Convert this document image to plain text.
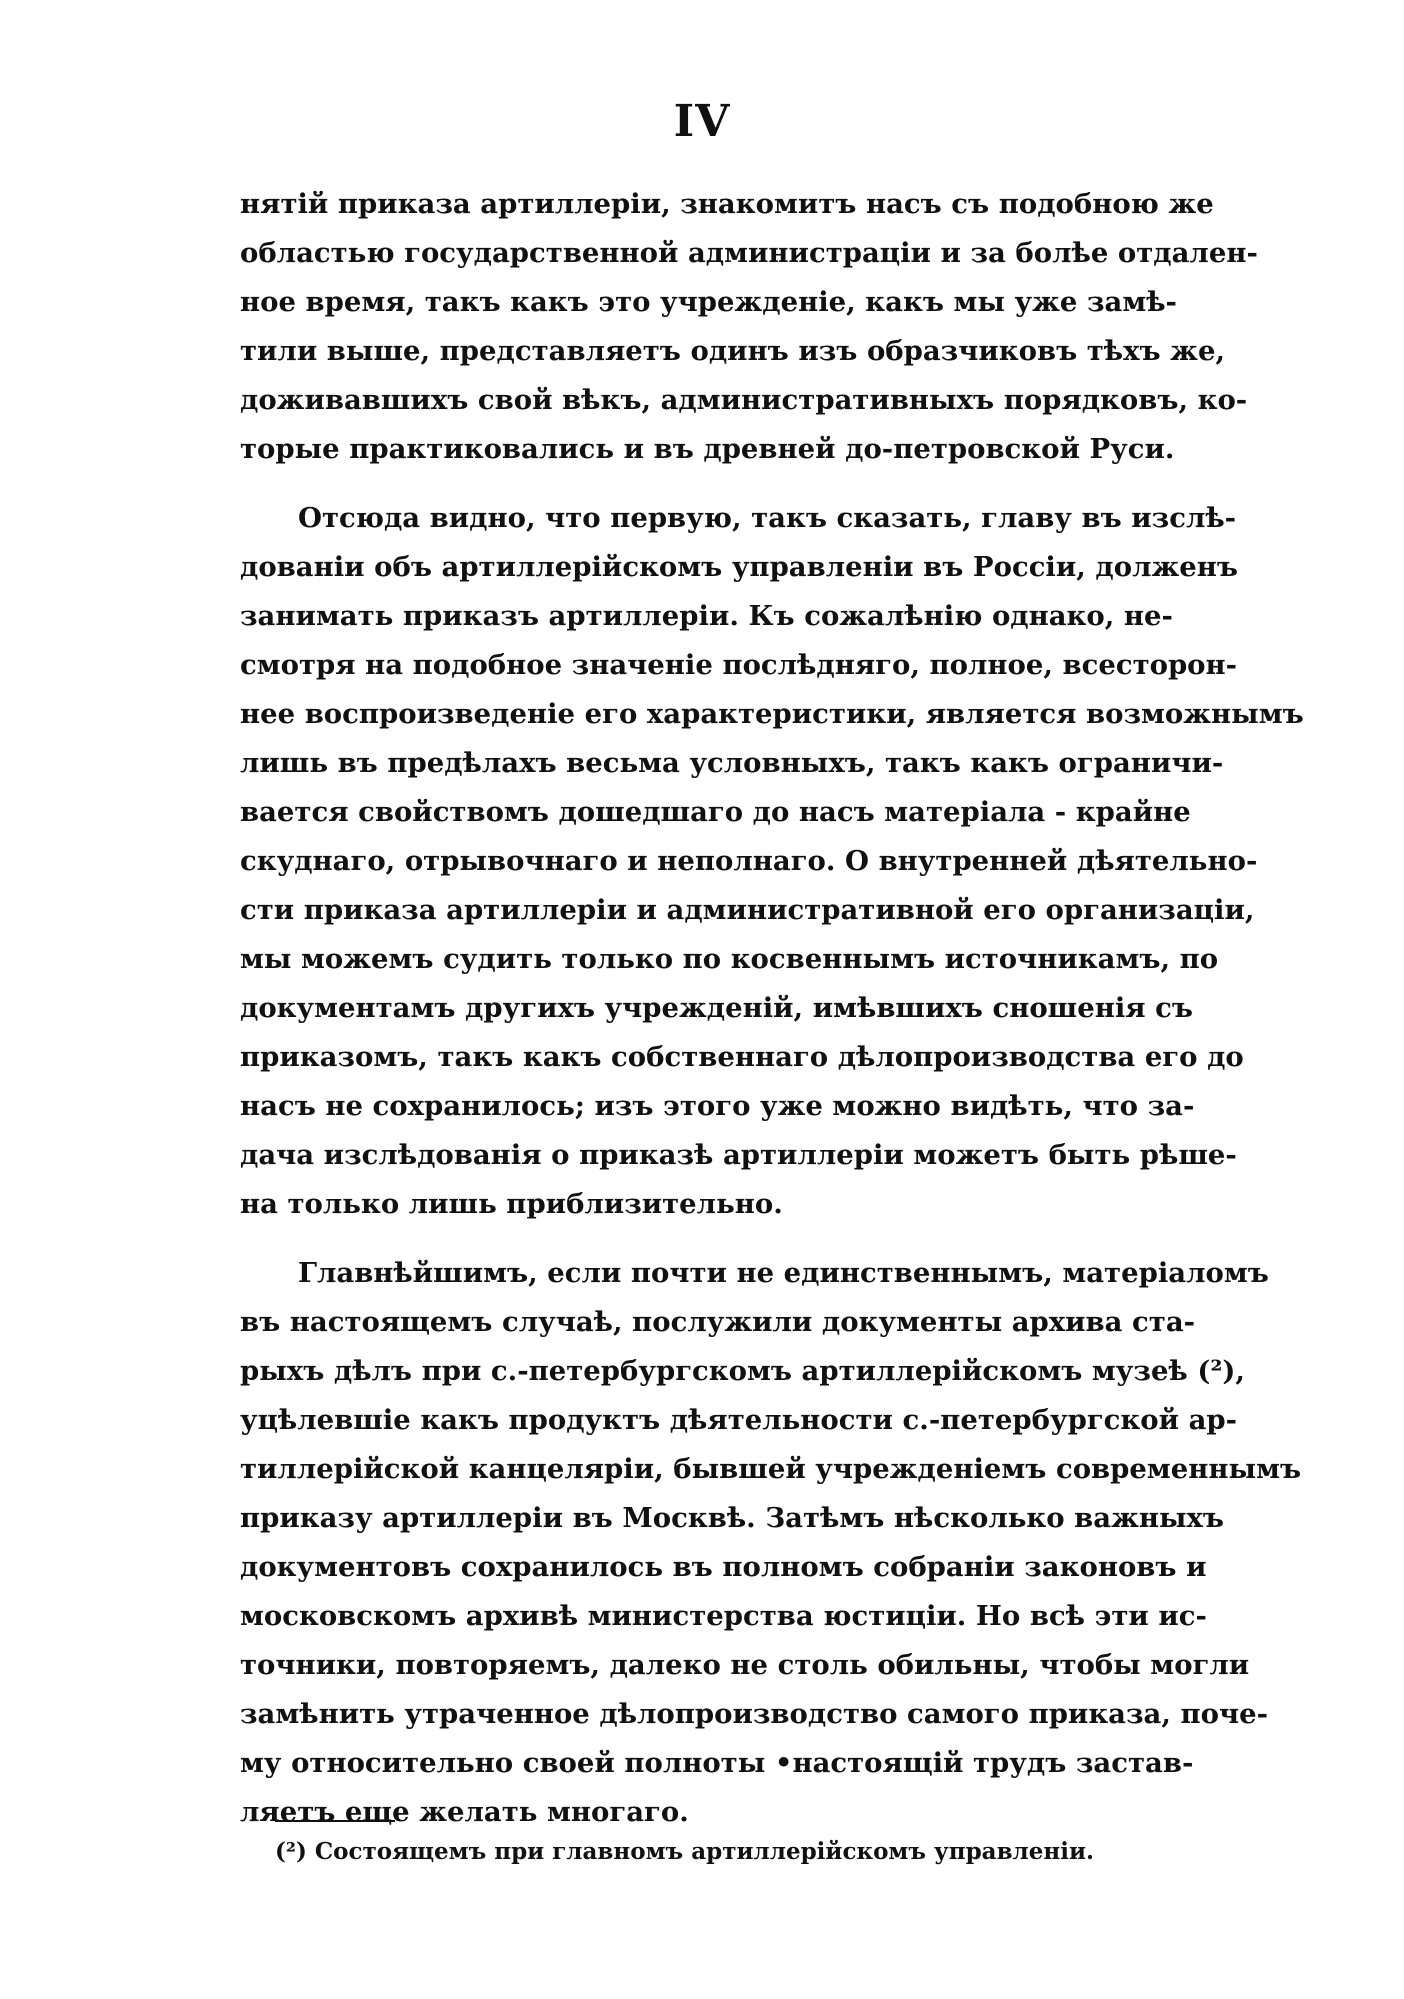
IV
нятій приказа артиллеріи, знакомитъ насъ съ подобною же
областью государственной администраціи и за болѣе отдален-
ное время, такъ какъ это учрежденіе, какъ мы уже замѣ-
тили выше, представляетъ одинъ изъ образчиковъ тѣхъ же,
доживавшихъ свой вѣкъ, административныхъ порядковъ, ко-
торые практиковались и въ древней до-петровской Руси.
Отсюда видно, что первую, такъ сказать, главу въ изслѣ-
дованіи объ артиллерійскомъ управленіи въ Россіи, долженъ
занимать приказъ артиллеріи. Къ сожалѣнію однако, не-
смотря на подобное значеніе послѣдняго, полное, всесторон-
нее воспроизведеніе его характеристики, является возможнымъ
лишь въ предѣлахъ весьма условныхъ, такъ какъ ограничи-
вается свойствомъ дошедшаго до насъ матеріала - крайне
скуднаго, отрывочнаго и неполнаго. О внутренней дѣятельно-
сти приказа артиллеріи и административной его организаціи,
мы можемъ судить только по косвеннымъ источникамъ, по
документамъ другихъ учрежденій, имѣвшихъ сношенія съ
приказомъ, такъ какъ собственнаго дѣлопроизводства его до
насъ не сохранилось; изъ этого уже можно видѣть, что за-
дача изслѣдованія о приказѣ артиллеріи можетъ быть рѣше-
на только лишь приблизительно.
Главнѣйшимъ, если почти не единственнымъ, матеріаломъ
въ настоящемъ случаѣ, послужили документы архива ста-
рыхъ дѣлъ при с.-петербургскомъ артиллерійскомъ музеѣ (²),
уцѣлевшіе какъ продуктъ дѣятельности с.-петербургской ар-
тиллерійской канцеляріи, бывшей учрежденіемъ современнымъ
приказу артиллеріи въ Москвѣ. Затѣмъ нѣсколько важныхъ
документовъ сохранилось въ полномъ собраніи законовъ и
московскомъ архивѣ министерства юстиціи. Но всѣ эти ис-
точники, повторяемъ, далеко не столь обильны, чтобы могли
замѣнить утраченное дѣлопроизводство самого приказа, поче-
му относительно своей полноты •настоящій трудъ застав-
ляетъ еще желать многаго.
(²) Состоящемъ при главномъ артиллерійскомъ управленіи.
